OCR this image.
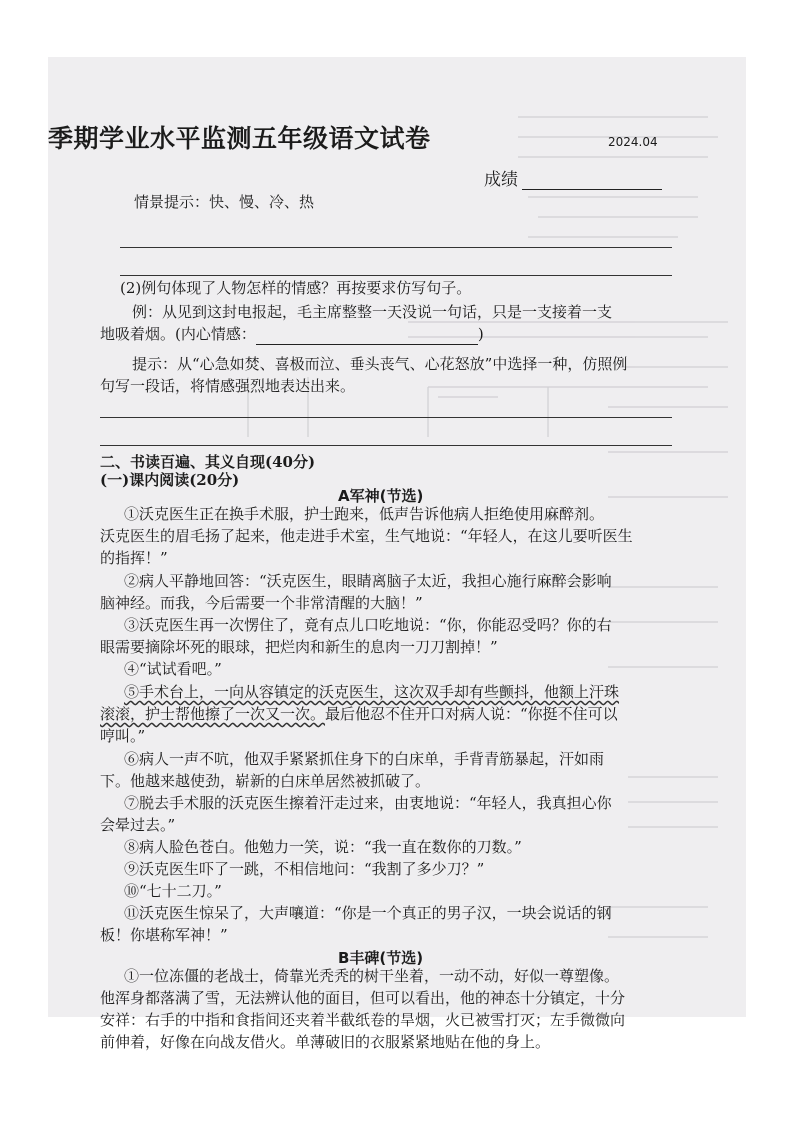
季期学业水平监测五年级语文试卷	2024.04
成绩
情景提示：快、慢、冷、热
(2)例句体现了人物怎样的情感？再按要求仿写句子。
例：从见到这封电报起，毛主席整整一天没说一句话，只是一支接着一支
地吸着烟。(内心情感：	)
提示：从“心急如焚、喜极而泣、垂头丧气、心花怒放”中选择一种，仿照例
句写一段话，将情感强烈地表达出来。
二、书读百遍、其义自现(40分)
(一)课内阅读(20分)
A军神(节选)
①沃克医生正在换手术服，护士跑来，低声告诉他病人拒绝使用麻醉剂。
沃克医生的眉毛扬了起来，他走进手术室，生气地说：“年轻人，在这儿要听医生
的指挥！”
②病人平静地回答：“沃克医生，眼睛离脑子太近，我担心施行麻醉会影响
脑神经。而我，今后需要一个非常清醒的大脑！”
③沃克医生再一次愣住了，竟有点儿口吃地说：“你，你能忍受吗？你的右
眼需要摘除坏死的眼球，把烂肉和新生的息肉一刀刀割掉！”
④“试试看吧。”
⑤手术台上，一向从容镇定的沃克医生，这次双手却有些颤抖，他额上汗珠
滚滚，护士帮他擦了一次又一次。最后他忍不住开口对病人说：“你挺不住可以
哼叫。”
⑥病人一声不吭，他双手紧紧抓住身下的白床单，手背青筋暴起，汗如雨
下。他越来越使劲，崭新的白床单居然被抓破了。
⑦脱去手术服的沃克医生擦着汗走过来，由衷地说：“年轻人，我真担心你
会晕过去。”
⑧病人脸色苍白。他勉力一笑，说：“我一直在数你的刀数。”
⑨沃克医生吓了一跳，不相信地问：“我割了多少刀？”
⑩“七十二刀。”
⑪沃克医生惊呆了，大声嚷道：“你是一个真正的男子汉，一块会说话的钢
板！你堪称军神！”
B丰碑(节选)
①一位冻僵的老战士，倚靠光秃秃的树干坐着，一动不动，好似一尊塑像。
他浑身都落满了雪，无法辨认他的面目，但可以看出，他的神态十分镇定，十分
安祥：右手的中指和食指间还夹着半截纸卷的旱烟，火已被雪打灭；左手微微向
前伸着，好像在向战友借火。单薄破旧的衣服紧紧地贴在他的身上。
